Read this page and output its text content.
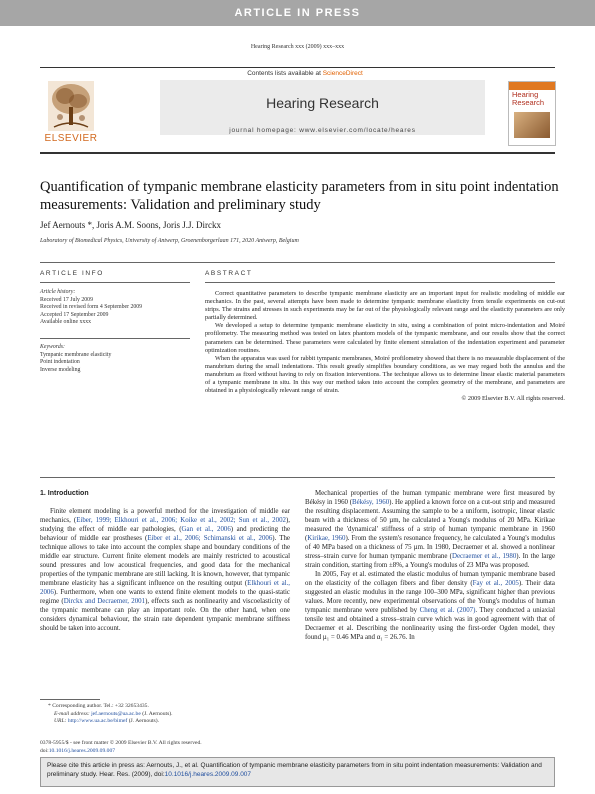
ARTICLE IN PRESS
Hearing Research xxx (2009) xxx–xxx
Contents lists available at ScienceDirect
Hearing Research
journal homepage: www.elsevier.com/locate/heares
ELSEVIER
Hearing Research
Quantification of tympanic membrane elasticity parameters from in situ point indentation measurements: Validation and preliminary study
Jef Aernouts *, Joris A.M. Soons, Joris J.J. Dirckx
Laboratory of Biomedical Physics, University of Antwerp, Groenenborgerlaan 171, 2020 Antwerp, Belgium
ARTICLE INFO	ABSTRACT
Article history:
Received 17 July 2009
Received in revised form 4 September 2009
Accepted 17 September 2009
Available online xxxx
Keywords:
Tympanic membrane elasticity
Point indentation
Inverse modeling

Correct quantitative parameters to describe tympanic membrane elasticity are an important input for realistic modeling of middle ear mechanics. In the past, several attempts have been made to determine tympanic membrane elasticity from tensile experiments on cut-out strips. The strains and stresses in such experiments may be far out of the physiologically relevant range and the elasticity parameters are only partially determined.

We developed a setup to determine tympanic membrane elasticity in situ, using a combination of point micro-indentation and Moiré profilometry. The measuring method was tested on latex phantom models of the tympanic membrane, and our results show that the correct parameters can be determined. These parameters were calculated by finite element simulation of the indentation experiment and parameter optimization routines.

When the apparatus was used for rabbit tympanic membranes, Moiré profilometry showed that there is no measurable displacement of the manubrium during the small indentations. This result greatly simplifies boundary conditions, as we may regard both the annulus and the manubrium as fixed without having to rely on fixation interventions. The technique allows us to determine linear elastic material parameters of a tympanic membrane in situ. In this way our method takes into account the complex geometry of the membrane, and parameters are obtained in a physiologically relevant range of strain.

© 2009 Elsevier B.V. All rights reserved.

1. Introduction

Finite element modeling is a powerful method for the investigation of middle ear mechanics, (Eiber, 1999; Elkhouri et al., 2006; Koike et al., 2002; Sun et al., 2002), studying the effect of middle ear pathologies, (Gan et al., 2006) and predicting the behaviour of middle ear prostheses (Eiber et al., 2006; Schimanski et al., 2006). The technique allows to take into account the complex shape and boundary conditions of the middle ear structure. Current finite element models are mainly restricted to acoustical sound pressures and low acoustical frequencies, and good data for the mechanical properties of the tympanic membrane are still lacking. It is known, however, that tympanic membrane elasticity has a significant influence on the resulting output (Elkhouri et al., 2006). Furthermore, when one wants to extend finite element models to the quasi-static regime (Dirckx and Decraemer, 2001), effects such as nonlinearity and viscoelasticity of the tympanic membrane can play an important role. On the other hand, when one considers dynamical behaviour, the strain rate dependent tympanic membrane stiffness should be taken into account.

Mechanical properties of the human tympanic membrane were first measured by Békésy in 1960 (Békésy, 1960). He applied a known force on a cut-out strip and measured the resulting displacement. Assuming the sample to be a uniform, isotropic, linear elastic beam with a thickness of 50 µm, he calculated a Young's modulus of 20 MPa. Kirikae measured the 'dynamical' stiffness of a strip of human tympanic membrane in 1960 (Kirikae, 1960). From the system's resonance frequency, he calculated a Young's modulus of 40 MPa based on a thickness of 75 µm. In 1980, Decraemer et al. showed a nonlinear stress–strain curve for human tympanic membrane (Decraemer et al., 1980). In the large strain condition, starting from ±8%, a Young's modulus of 23 MPa was proposed.

In 2005, Fay et al. estimated the elastic modulus of human tympanic membrane based on the elasticity of the collagen fibers and fiber density (Fay et al., 2005). Their data suggested an elastic modulus in the range 100–300 MPa, significant higher than previous values. More recently, new experimental observations of the Young's modulus of human tympanic membrane were published by Cheng et al. (2007). They conducted a uniaxial tensile test and obtained a stress–strain curve which was in good agreement with that of Decraemer et al. Describing the nonlinearity using the first-order Ogden model, they found µ₁ = 0.46 MPa and α₁ = 26.76. In

* Corresponding author. Tel.: +32 32653435.
E-mail address: jef.aernouts@ua.ac.be (J. Aernouts).
URL: http://www.ua.ac.be/bimef (J. Aernouts).
0378-5955/$ - see front matter © 2009 Elsevier B.V. All rights reserved.
doi:10.1016/j.heares.2009.09.007
Please cite this article in press as: Aernouts, J., et al. Quantification of tympanic membrane elasticity parameters from in situ point indentation measurements: Validation and preliminary study. Hear. Res. (2009), doi:10.1016/j.heares.2009.09.007
